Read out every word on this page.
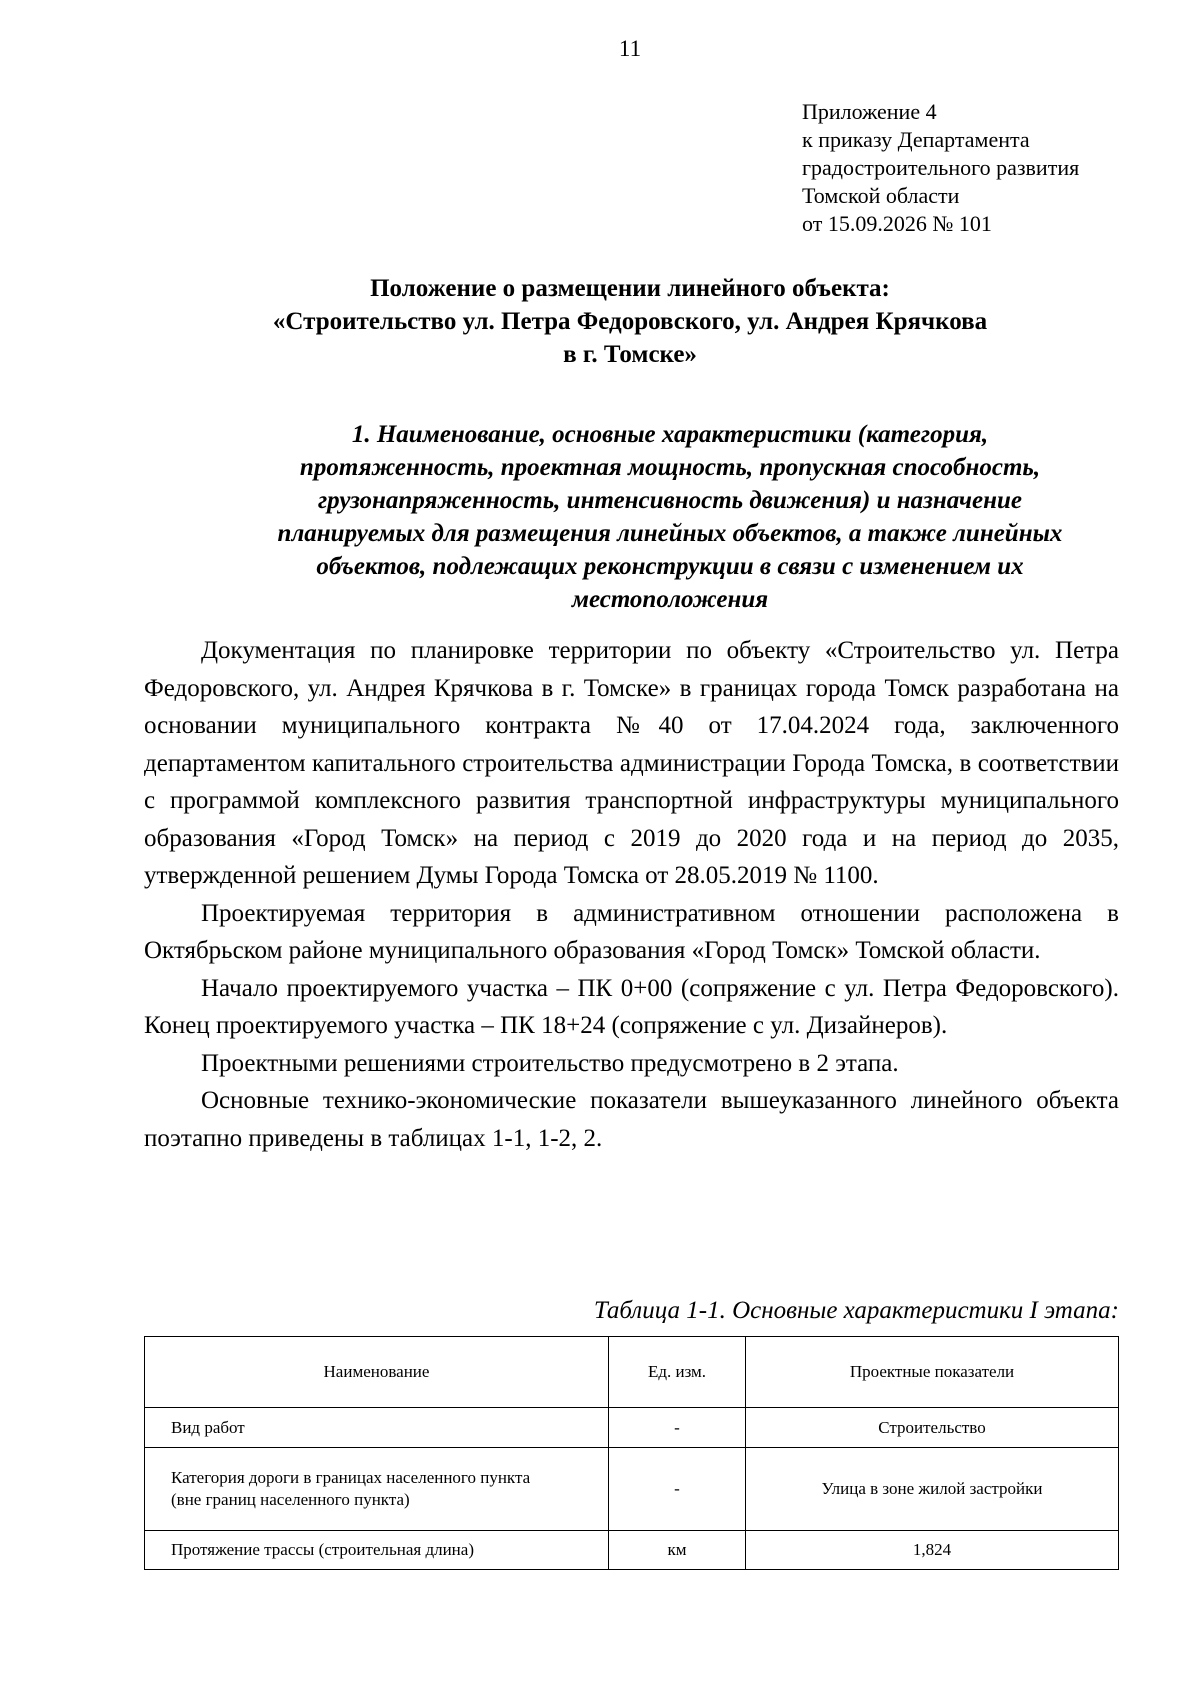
11
Приложение 4
к приказу Департамента
градостроительного развития
Томской области
от 15.09.2026 № 101
Положение о размещении линейного объекта:
«Строительство ул. Петра Федоровского, ул. Андрея Крячкова
в г. Томске»
1. Наименование, основные характеристики (категория,
протяженность, проектная мощность, пропускная способность,
грузонапряженность, интенсивность движения) и назначение
планируемых для размещения линейных объектов, а также линейных
объектов, подлежащих реконструкции в связи с изменением их
местоположения

Документация по планировке территории по объекту «Строительство ул. Петра Федоровского, ул. Андрея Крячкова в г. Томске» в границах города Томск разработана на основании муниципального контракта №40 от 17.04.2024 года, заключенного департаментом капитального строительства администрации Города Томска, в соответствии с программой комплексного развития транспортной инфраструктуры муниципального образования «Город Томск» на период с 2019 до 2020 года и на период до 2035, утвержденной решением Думы Города Томска от 28.05.2019 № 1100.

Проектируемая территория в административном отношении расположена в Октябрьском районе муниципального образования «Город Томск» Томской области.

Начало проектируемого участка – ПК 0+00 (сопряжение с ул. Петра Федоровского). Конец проектируемого участка – ПК 18+24 (сопряжение с ул. Дизайнеров).

Проектными решениями строительство предусмотрено в 2 этапа.

Основные технико-экономические показатели вышеуказанного линейного объекта поэтапно приведены в таблицах 1-1, 1-2, 2.

Таблица 1-1. Основные характеристики I этапа:
Наименование	Ед. изм.	Проектные показатели
Вид работ	-	Строительство

Категория дороги в границах населенного пункта
(вне границ населенного пункта)	-	Улица в зоне жилой застройки
Протяжение трассы (строительная длина)	км	1,824
